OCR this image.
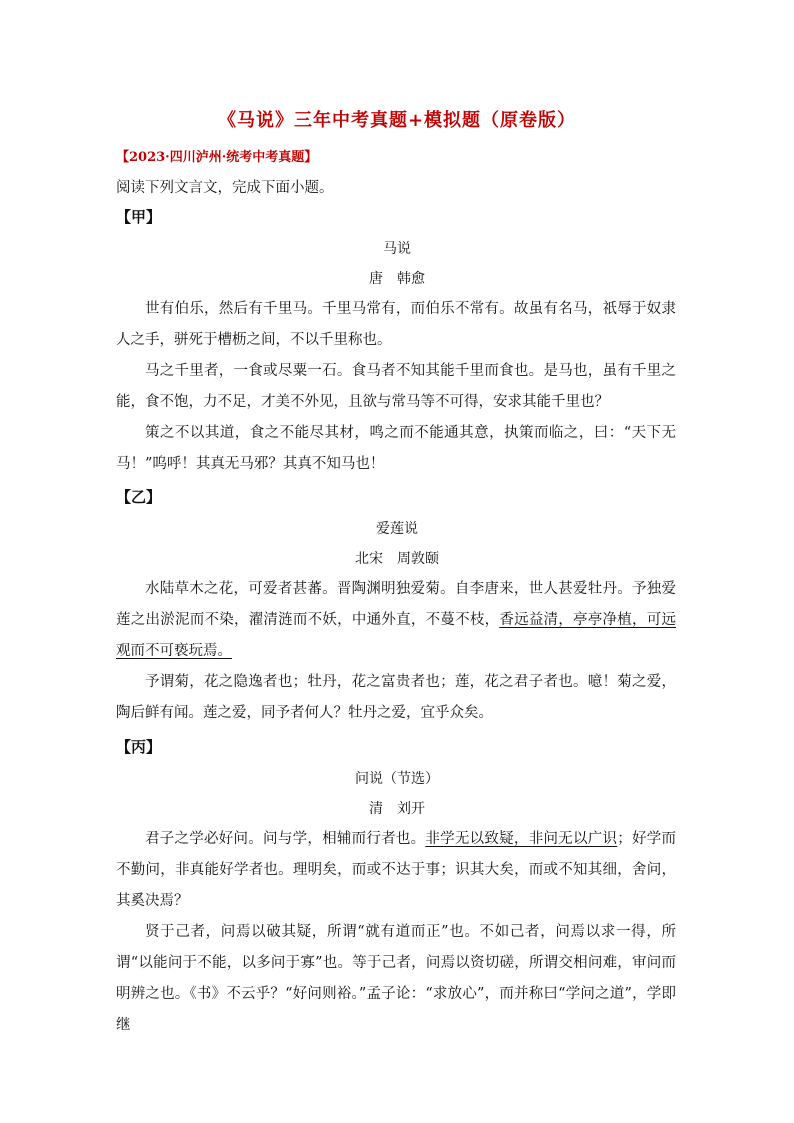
《马说》三年中考真题+模拟题（原卷版）
【2023·四川泸州·统考中考真题】
阅读下列文言文，完成下面小题。
【甲】
马说
唐　韩愈

世有伯乐，然后有千里马。千里马常有，而伯乐不常有。故虽有名马，祇辱于奴隶人之手，骈死于槽枥之间，不以千里称也。

马之千里者，一食或尽粟一石。食马者不知其能千里而食也。是马也，虽有千里之能，食不饱，力不足，才美不外见，且欲与常马等不可得，安求其能千里也？

策之不以其道，食之不能尽其材，鸣之而不能通其意，执策而临之，曰：“天下无马！”呜呼！其真无马邪？其真不知马也！

【乙】
爱莲说
北宋　周敦颐

水陆草木之花，可爱者甚蕃。晋陶渊明独爱菊。自李唐来，世人甚爱牡丹。予独爱莲之出淤泥而不染，濯清涟而不妖，中通外直，不蔓不枝，香远益清，亭亭净植，可远观而不可亵玩焉。

予谓菊，花之隐逸者也；牡丹，花之富贵者也；莲，花之君子者也。噫！菊之爱，陶后鲜有闻。莲之爱，同予者何人？牡丹之爱，宜乎众矣。

【丙】
问说（节选）
清　刘开

君子之学必好问。问与学，相辅而行者也。非学无以致疑，非问无以广识；好学而不勤问，非真能好学者也。理明矣，而或不达于事；识其大矣，而或不知其细，舍问，其奚决焉？

贤于己者，问焉以破其疑，所谓“就有道而正”也。不如己者，问焉以求一得，所谓“以能问于不能，以多问于寡”也。等于己者，问焉以资切磋，所谓交相问难，审问而明辨之也。《书》不云乎？“好问则裕。”孟子论：“求放心”，而并称曰“学问之道”，学即继
